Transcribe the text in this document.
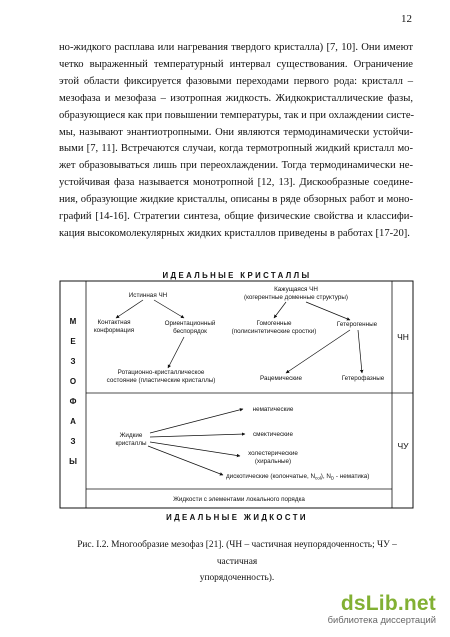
12
но-жидкого расплава или нагревания твердого кристалла) [7, 10]. Они имеют
четко выраженный температурный интервал существования. Ограничение
этой области фиксируется фазовыми переходами первого рода: кристалл –
мезофаза и мезофаза – изотропная жидкость. Жидкокристаллические фазы,
образующиеся как при повышении температуры, так и при охлаждении систе-
мы, называют энантиотропными. Они являются термодинамически устойчи-
выми [7, 11]. Встречаются случаи, когда термотропный жидкий кристалл мо-
жет образовываться лишь при переохлаждении. Тогда термодинамически не-
устойчивая фаза называется монотропной [12, 13]. Дискообразные соедине-
ния, образующие жидкие кристаллы, описаны в ряде обзорных работ и моно-
графий [14-16]. Стратегии синтеза, общие физические свойства и классифи-
кация высокомолекулярных жидких кристаллов приведены в работах [17-20].
ИДЕАЛЬНЫЕ КРИСТАЛЛЫ
М
Е
З
О
Ф
А
З
Ы
ЧН
ЧУ
Истинная ЧН
Контактная
конформация
Ориентационный
беспорядок
Ротационно-кристаллическое
состояние (пластические кристаллы)
Кажущаяся ЧН
(когерентные доменные структуры)
Гомогенные
(полисинтетические сростки)
Гетерогенные
Рацемические	Гетерофазные
Жидкие
кристаллы
нематические
смектические
холестерические
(хиральные)
дискотические (колончатые, $N_{col}$), $N_D$ - нематика)
Жидкости с элементами локального порядка
ИДЕАЛЬНЫЕ ЖИДКОСТИ

Рис. I.2. Многообразие мезофаз [21]. (ЧН – частичная неупорядоченность; ЧУ – частичная
упорядоченность).

dsLib.net
библиотека диссертаций
